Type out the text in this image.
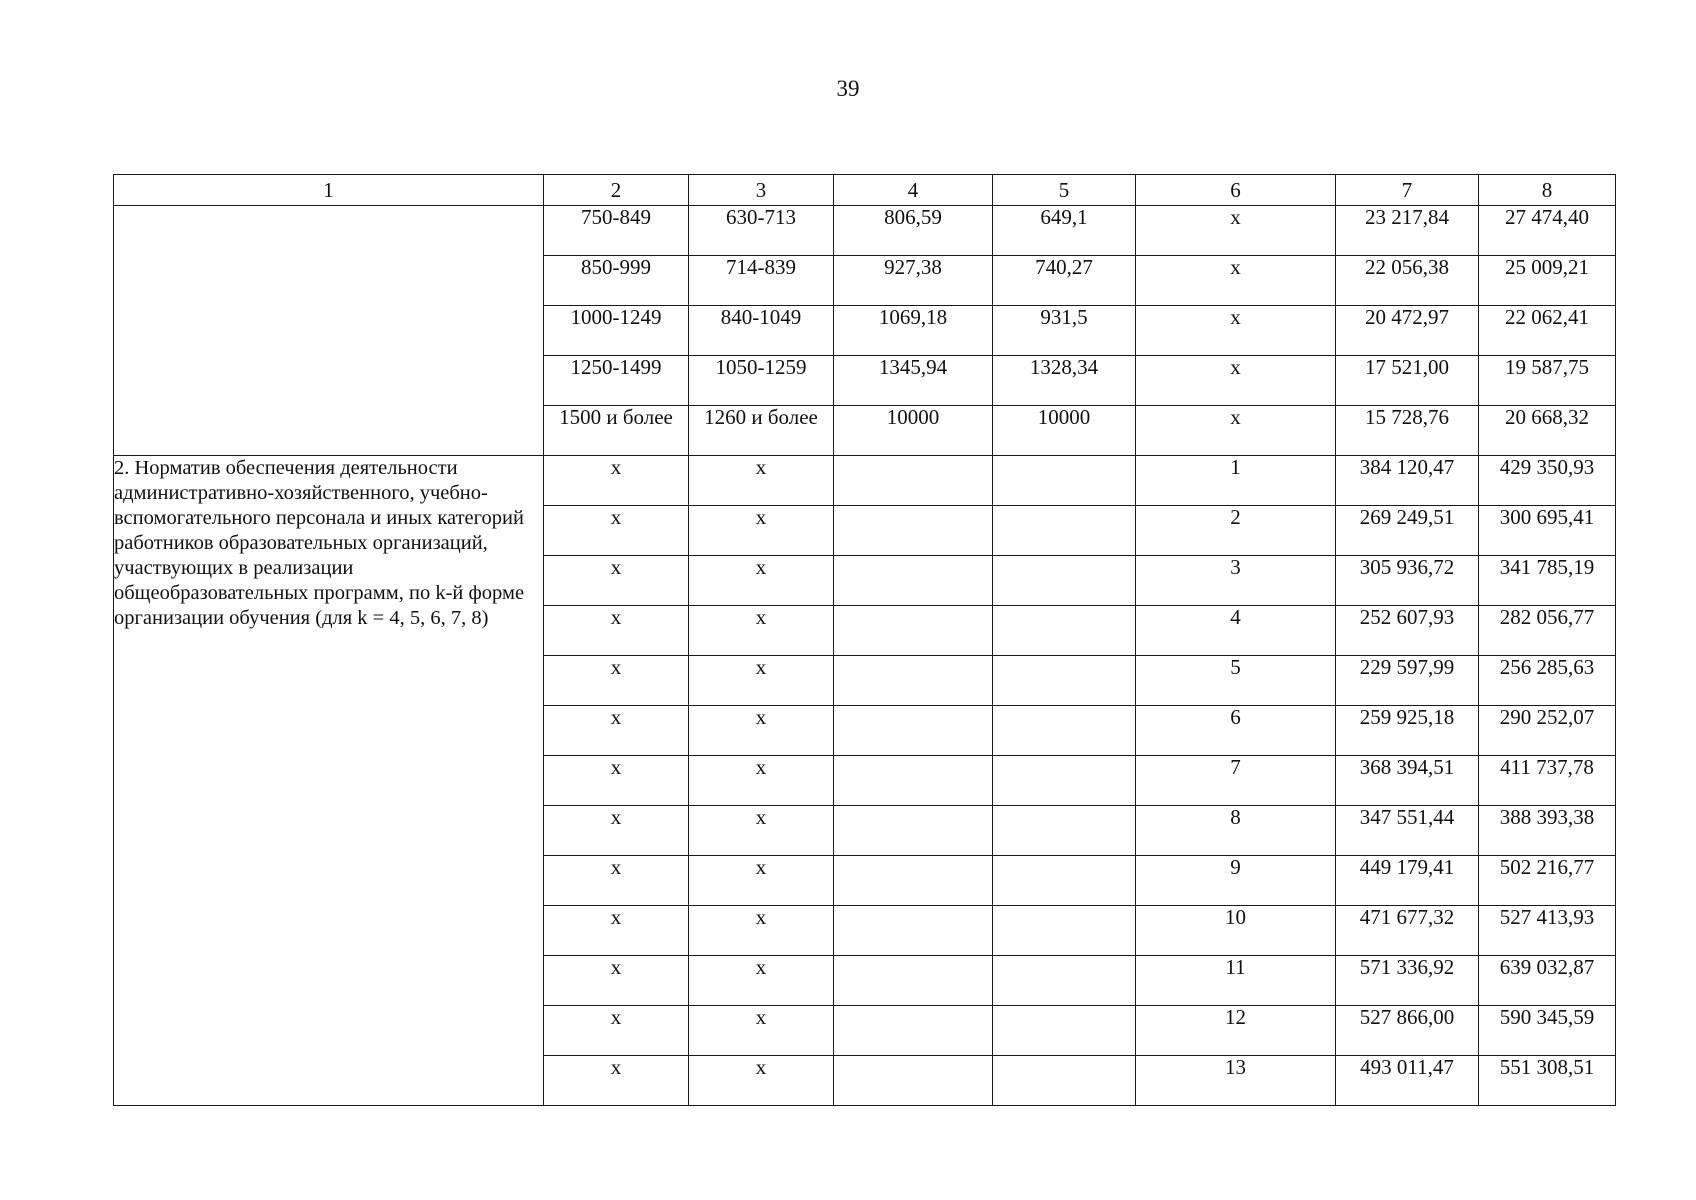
39
1	2	3	4	5	6	7	8
	750-849	630-713	806,59	649,1	x	23 217,84	27 474,40
	850-999	714-839	927,38	740,27	x	22 056,38	25 009,21
	1000-1249	840-1049	1069,18	931,5	x	20 472,97	22 062,41
	1250-1499	1050-1259	1345,94	1328,34	x	17 521,00	19 587,75
	1500 и более	1260 и более	10000	10000	x	15 728,76	20 668,32
2. Норматив обеспечения деятельности административно-хозяйственного, учебно-вспомогательного персонала и иных категорий работников образовательных организаций, участвующих в реализации общеобразовательных программ, по k-й форме организации обучения (для k = 4, 5, 6, 7, 8)	x	x			1	384 120,47	429 350,93
	x	x			2	269 249,51	300 695,41
	x	x			3	305 936,72	341 785,19
	x	x			4	252 607,93	282 056,77
	x	x			5	229 597,99	256 285,63
	x	x			6	259 925,18	290 252,07
	x	x			7	368 394,51	411 737,78
	x	x			8	347 551,44	388 393,38
	x	x			9	449 179,41	502 216,77
	x	x			10	471 677,32	527 413,93
	x	x			11	571 336,92	639 032,87
	x	x			12	527 866,00	590 345,59
	x	x			13	493 011,47	551 308,51
